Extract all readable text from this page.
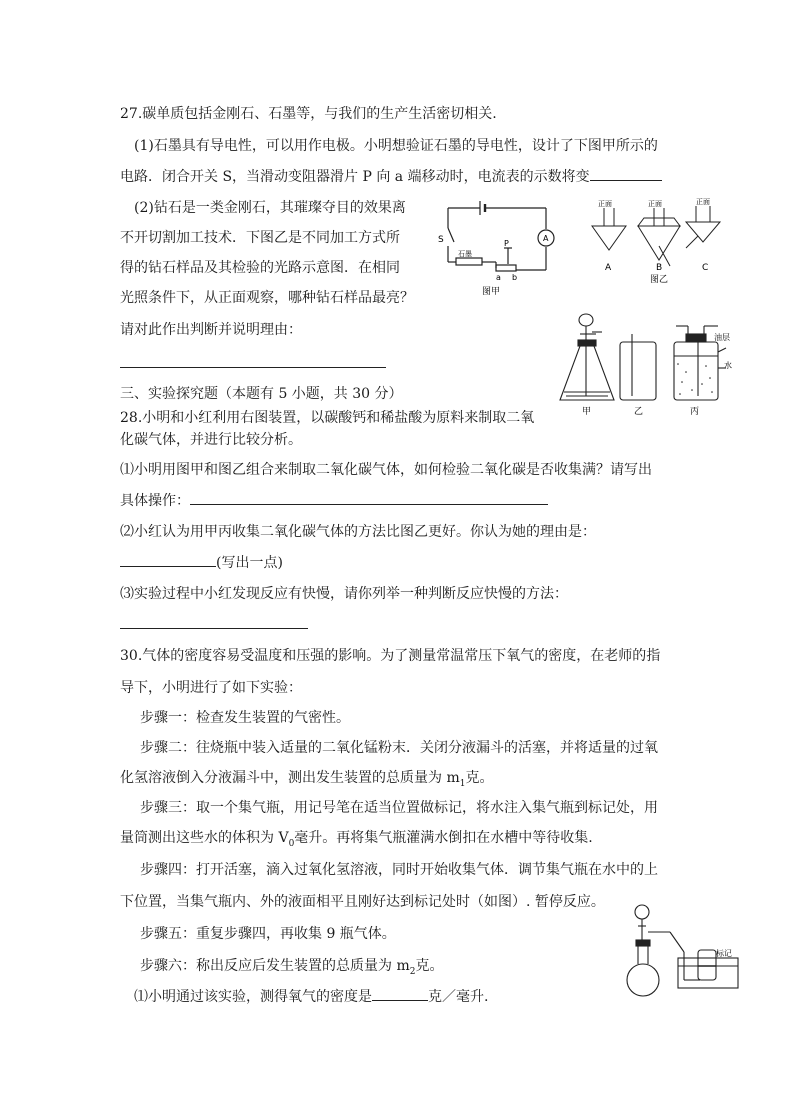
27.碳单质包括金刚石、石墨等，与我们的生产生活密切相关.
(1)石墨具有导电性，可以用作电极。小明想验证石墨的导电性，设计了下图甲所示的
电路．闭合开关 S，当滑动变阻器滑片 P 向 a 端移动时，电流表的示数将变
(2)钻石是一类金刚石，其璀璨夺目的效果离
不开切割加工技术．下图乙是不同加工方式所
得的钻石样品及其检验的光路示意图．在相同
光照条件下，从正面观察，哪种钻石样品最亮？
请对此作出判断并说明理由：
S
石墨
A
P
a b
图甲
正面	正面	正面
A	B	C
图乙
三、实验探究题（本题有 5 小题，共 30 分）
28.小明和小红利用右图装置，以碳酸钙和稀盐酸为原料来制取二氧
化碳气体，并进行比较分析。
油层
水
甲	乙	丙
⑴小明用图甲和图乙组合来制取二氧化碳气体，如何检验二氧化碳是否收集满？请写出
具体操作：
⑵小红认为用甲丙收集二氧化碳气体的方法比图乙更好。你认为她的理由是：
(写出一点)
⑶实验过程中小红发现反应有快慢，请你列举一种判断反应快慢的方法：
30.气体的密度容易受温度和压强的影响。为了测量常温常压下氧气的密度，在老师的指
导下，小明进行了如下实验：
步骤一：检查发生装置的气密性。
步骤二：往烧瓶中装入适量的二氧化锰粉末．关闭分液漏斗的活塞，并将适量的过氧
化氢溶液倒入分液漏斗中，测出发生装置的总质量为 $m_1$克。
步骤三：取一个集气瓶，用记号笔在适当位置做标记，将水注入集气瓶到标记处，用
量筒测出这些水的体积为 $V_0$毫升。再将集气瓶灌满水倒扣在水槽中等待收集.
步骤四：打开活塞，滴入过氧化氢溶液，同时开始收集气体．调节集气瓶在水中的上
下位置，当集气瓶内、外的液面相平且刚好达到标记处时（如图）. 暂停反应。
步骤五：重复步骤四，再收集 9 瓶气体。
步骤六：称出反应后发生装置的总质量为 $m_2$克。
⑴小明通过该实验，测得氧气的密度是	克／毫升.
标记
